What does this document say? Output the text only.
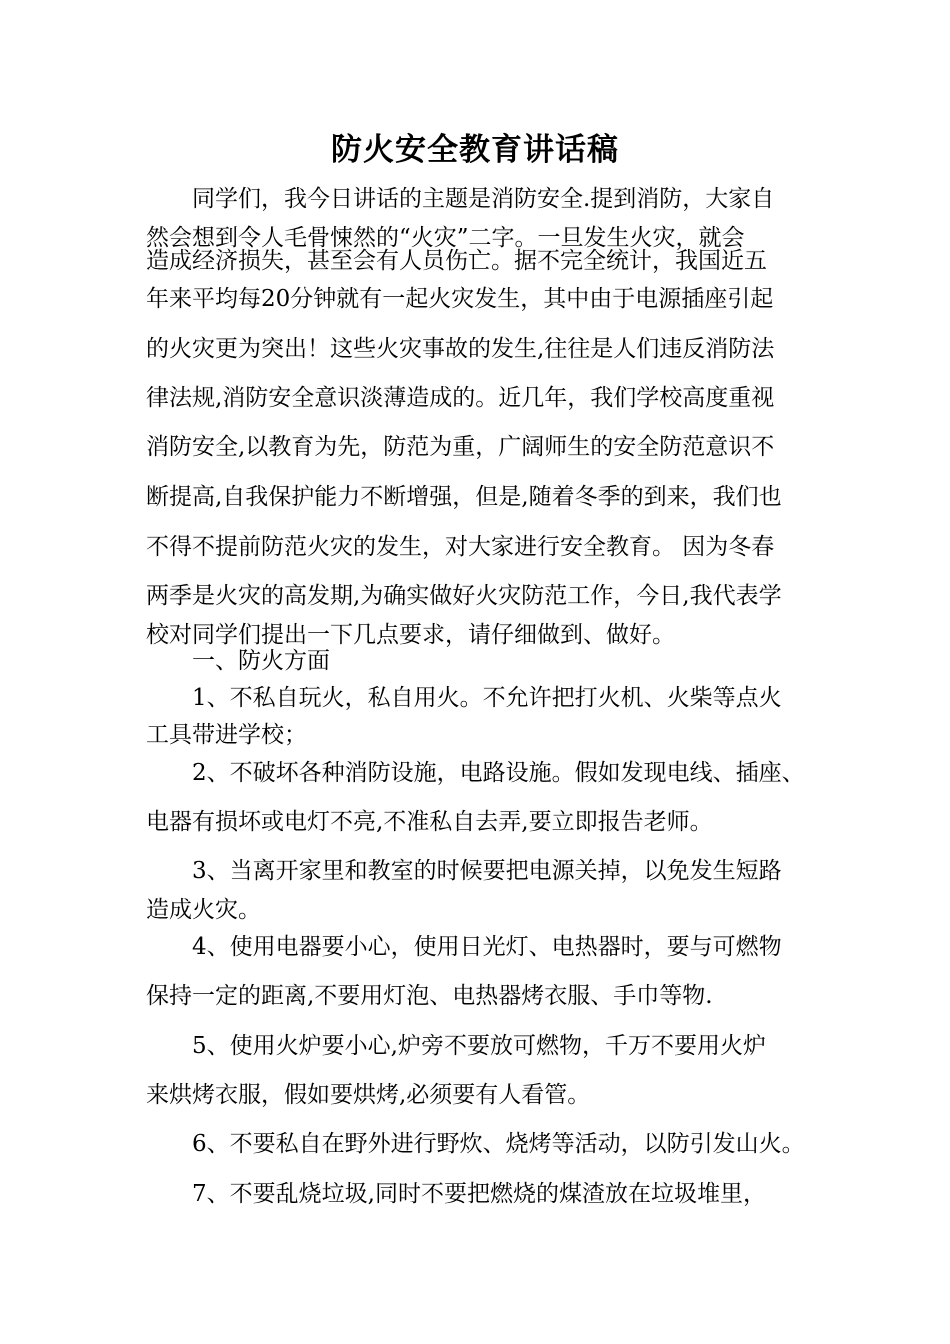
防火安全教育讲话稿
同学们，我今日讲话的主题是消防安全.提到消防，大家自
然会想到令人毛骨悚然的“火灾”二字。一旦发生火灾，就会
造成经济损失，甚至会有人员伤亡。据不完全统计，我国近五
年来平均每20分钟就有一起火灾发生，其中由于电源插座引起
的火灾更为突出！这些火灾事故的发生,往往是人们违反消防法
律法规,消防安全意识淡薄造成的。近几年，我们学校高度重视
消防安全,以教育为先，防范为重，广阔师生的安全防范意识不
断提高,自我保护能力不断增强，但是,随着冬季的到来，我们也
不得不提前防范火灾的发生，对大家进行安全教育。 因为冬春
两季是火灾的高发期,为确实做好火灾防范工作，今日,我代表学
校对同学们提出一下几点要求，请仔细做到、做好。
一、防火方面
1、不私自玩火，私自用火。不允许把打火机、火柴等点火
工具带进学校；
2、不破坏各种消防设施，电路设施。假如发现电线、插座、
电器有损坏或电灯不亮,不准私自去弄,要立即报告老师。
3、当离开家里和教室的时候要把电源关掉，以免发生短路
造成火灾。
4、使用电器要小心，使用日光灯、电热器时，要与可燃物
保持一定的距离,不要用灯泡、电热器烤衣服、手巾等物.
5、使用火炉要小心,炉旁不要放可燃物，千万不要用火炉
来烘烤衣服，假如要烘烤,必须要有人看管。
6、不要私自在野外进行野炊、烧烤等活动，以防引发山火。
7、不要乱烧垃圾,同时不要把燃烧的煤渣放在垃圾堆里，
